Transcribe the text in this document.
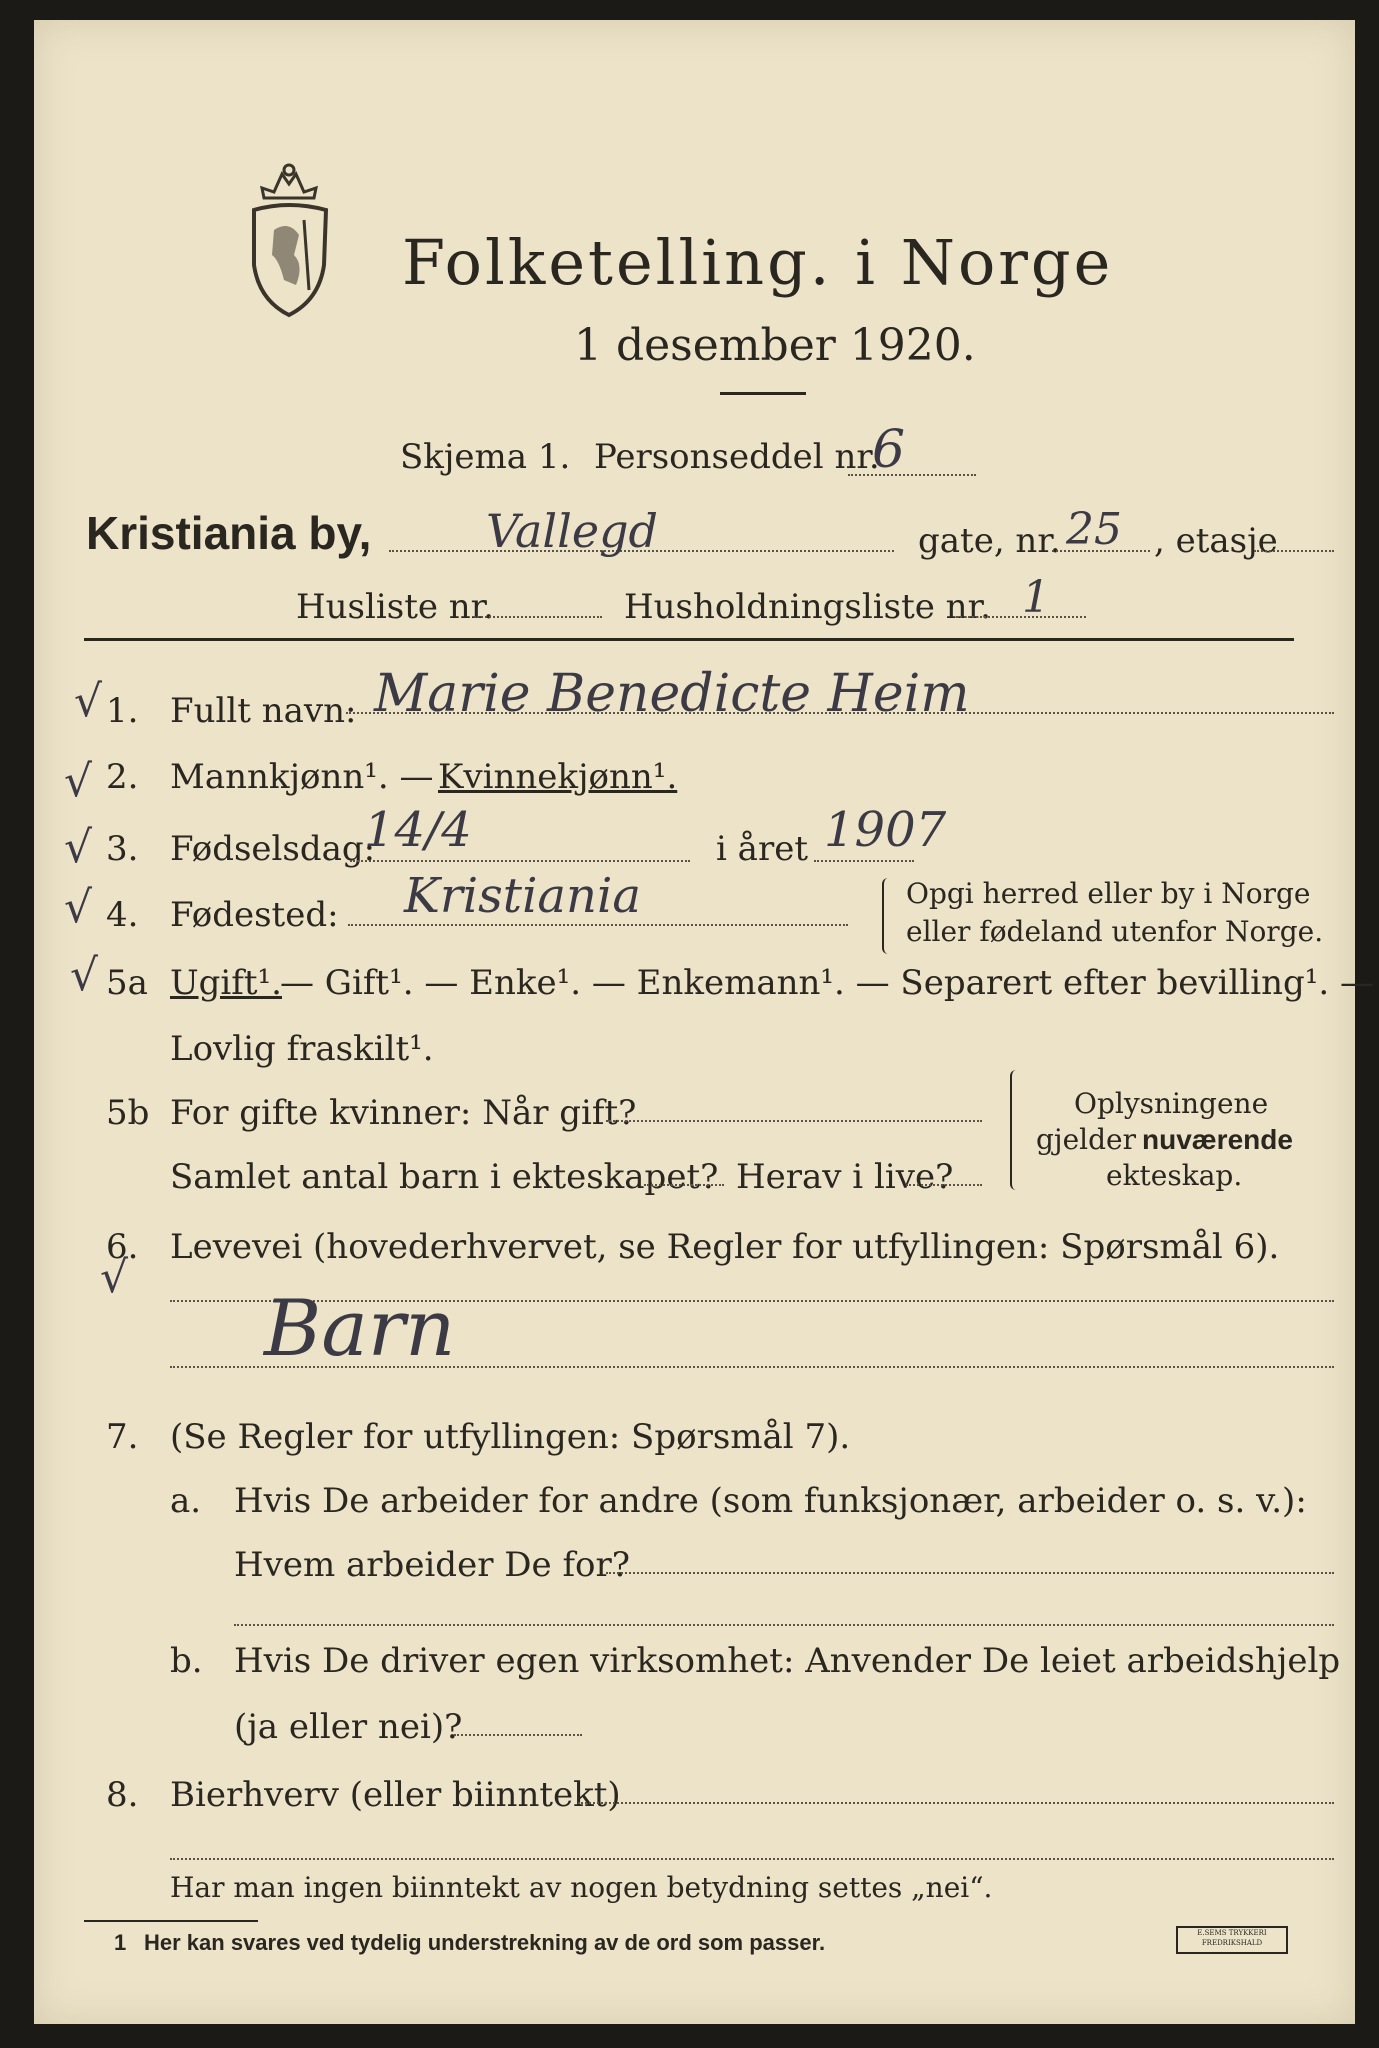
Folketelling. i Norge
1 desember 1920.
Skjema 1. Personseddel nr.
6
Kristiania by, Vallegd	gate, nr. 25 , etasje
Husliste nr.	Husholdningsliste nr. 1
√
√
√
√
√
√
1. Fullt navn: Marie Benedicte Heim
2. Mannkjønn¹. — Kvinnekjønn¹.
3. Fødselsdag:
14/4	i året 1907
4. Fødested: Kristiania	Opgi herred eller by i Norge
eller fødeland utenfor Norge.
5a Ugift¹.
— Gift¹. — Enke¹. — Enkemann¹. — Separert efter bevilling¹. —
Lovlig fraskilt¹.
5b For gifte kvinner: Når gift?
Samlet antal barn i ekteskapet? Herav i live?
Oplysningene
gjelder nuværende
ekteskap.
6. Levevei (hovederhvervet, se Regler for utfyllingen: Spørsmål 6).
Barn
7. (Se Regler for utfyllingen: Spørsmål 7).
a. Hvis De arbeider for andre (som funksjonær, arbeider o. s. v.):
Hvem arbeider De for?
b. Hvis De driver egen virksomhet: Anvender De leiet arbeidshjelp
(ja eller nei)?
8. Bierhverv (eller biinntekt)
Har man ingen biinntekt av nogen betydning settes „nei“.
1 Her kan svares ved tydelig understrekning av de ord som passer.	E.SEMS TRYKKERI
FREDRIKSHALD
